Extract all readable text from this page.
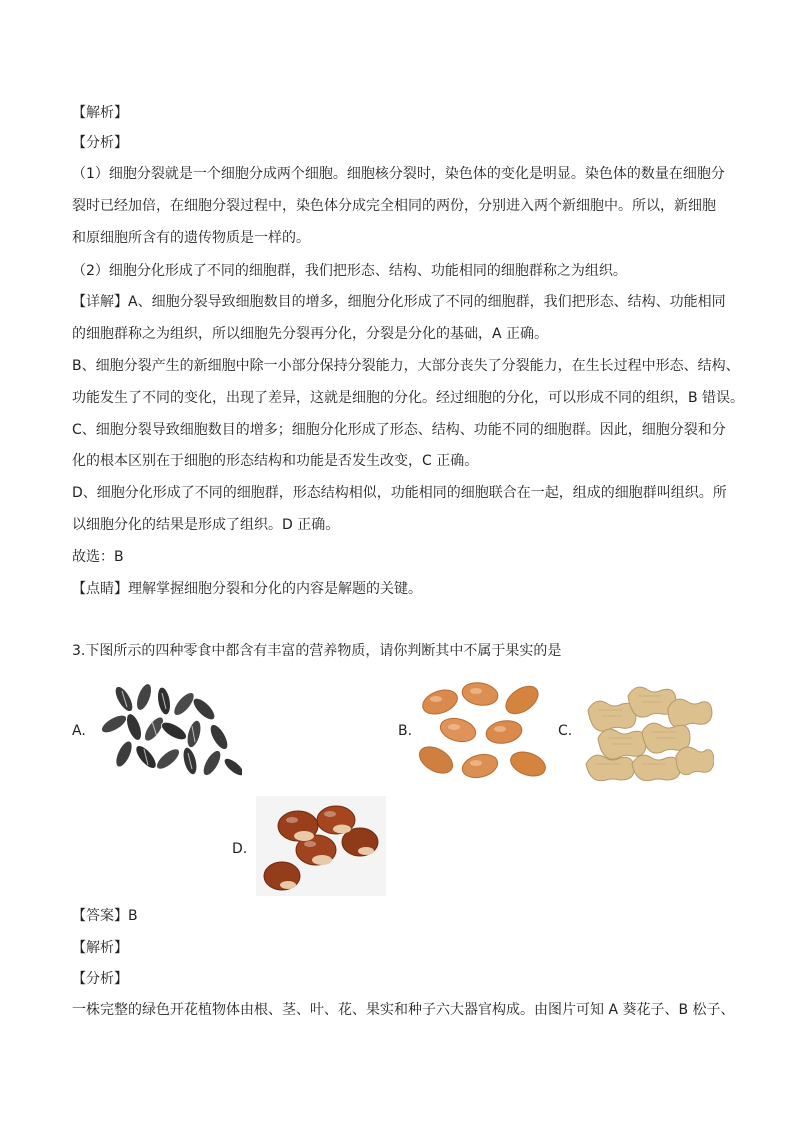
【解析】
【分析】
（1）细胞分裂就是一个细胞分成两个细胞。细胞核分裂时，染色体的变化是明显。染色体的数量在细胞分
裂时已经加倍，在细胞分裂过程中，染色体分成完全相同的两份，分别进入两个新细胞中。所以，新细胞
和原细胞所含有的遗传物质是一样的。
（2）细胞分化形成了不同的细胞群，我们把形态、结构、功能相同的细胞群称之为组织。
【详解】A、细胞分裂导致细胞数目的增多，细胞分化形成了不同的细胞群，我们把形态、结构、功能相同
的细胞群称之为组织，所以细胞先分裂再分化，分裂是分化的基础，A 正确。
B、细胞分裂产生的新细胞中除一小部分保持分裂能力，大部分丧失了分裂能力，在生长过程中形态、结构、
功能发生了不同的变化，出现了差异，这就是细胞的分化。经过细胞的分化，可以形成不同的组织，B 错误。
C、细胞分裂导致细胞数目的增多；细胞分化形成了形态、结构、功能不同的细胞群。因此，细胞分裂和分
化的根本区别在于细胞的形态结构和功能是否发生改变，C 正确。
D、细胞分化形成了不同的细胞群，形态结构相似，功能相同的细胞联合在一起，组成的细胞群叫组织。所
以细胞分化的结果是形成了组织。D 正确。
故选：B
【点睛】理解掌握细胞分裂和分化的内容是解题的关键。
3.下图所示的四种零食中都含有丰富的营养物质，请你判断其中不属于果实的是
A.	B.	C.
D.
【答案】B
【解析】
【分析】
一株完整的绿色开花植物体由根、茎、叶、花、果实和种子六大器官构成。由图片可知 A 葵花子、B 松子、
